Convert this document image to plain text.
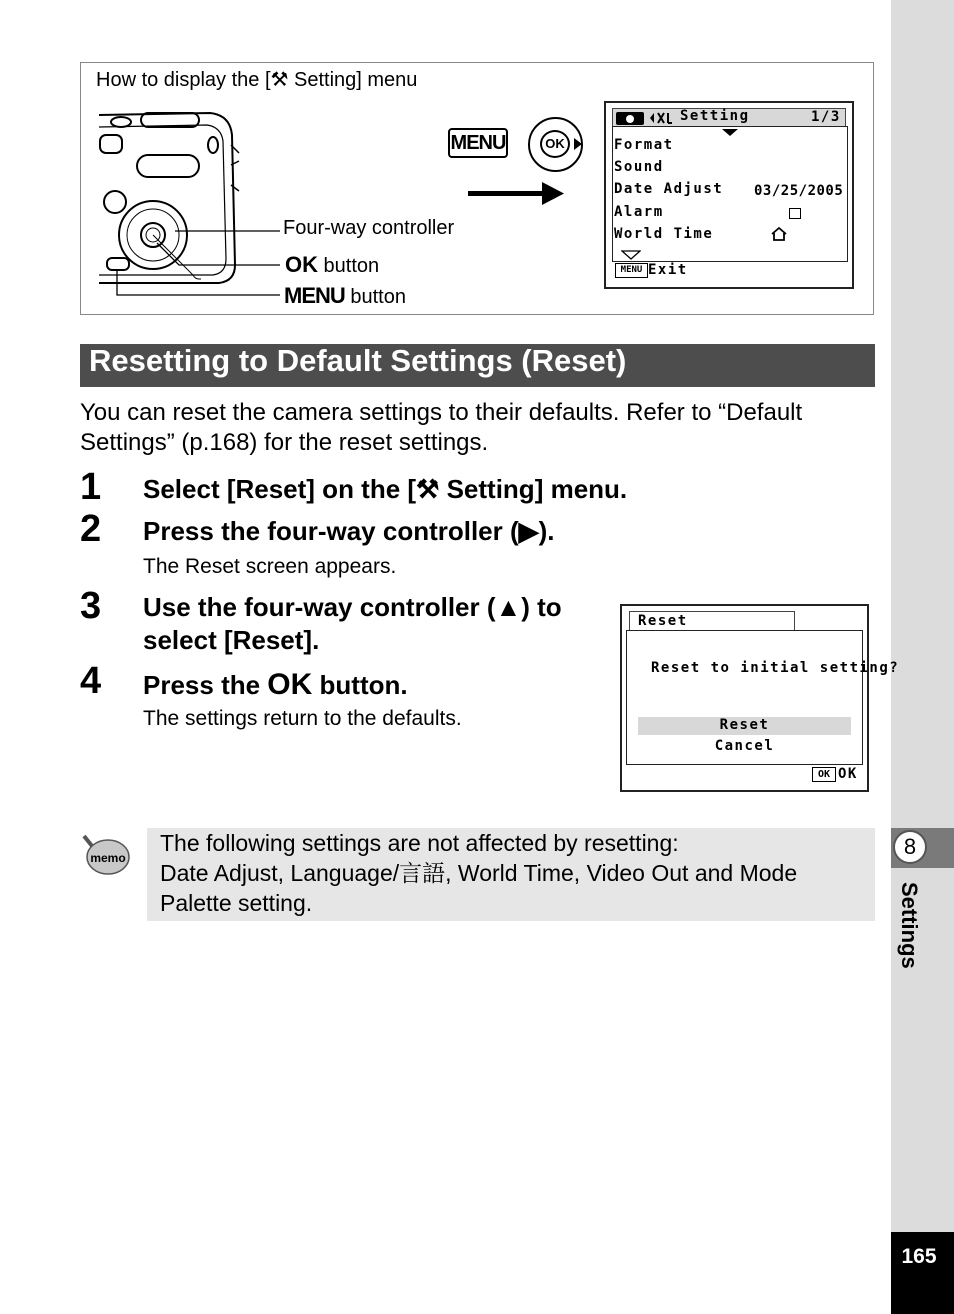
8
Settings
165
How to display the [⚒ Setting] menu
Four-way controller
OK button
MENU button
MENU	OK
Setting	1/3
Format
Sound
Date Adjust 03/25/2005
Alarm
World Time
MENU Exit
Resetting to Default Settings (Reset)
You can reset the camera settings to their defaults. Refer to “Default
Settings” (p.168) for the reset settings.
1 Select [Reset] on the [⚒ Setting] menu.
2 Press the four-way controller (▶).
The Reset screen appears.
3 Use the four-way controller (▲) to
select [Reset].
4 Press the OK button.
The settings return to the defaults.
Reset
Reset to initial setting?
Reset
Cancel
OK OK
memo
The following settings are not affected by resetting:
Date Adjust, Language/言語, World Time, Video Out and Mode
Palette setting.
